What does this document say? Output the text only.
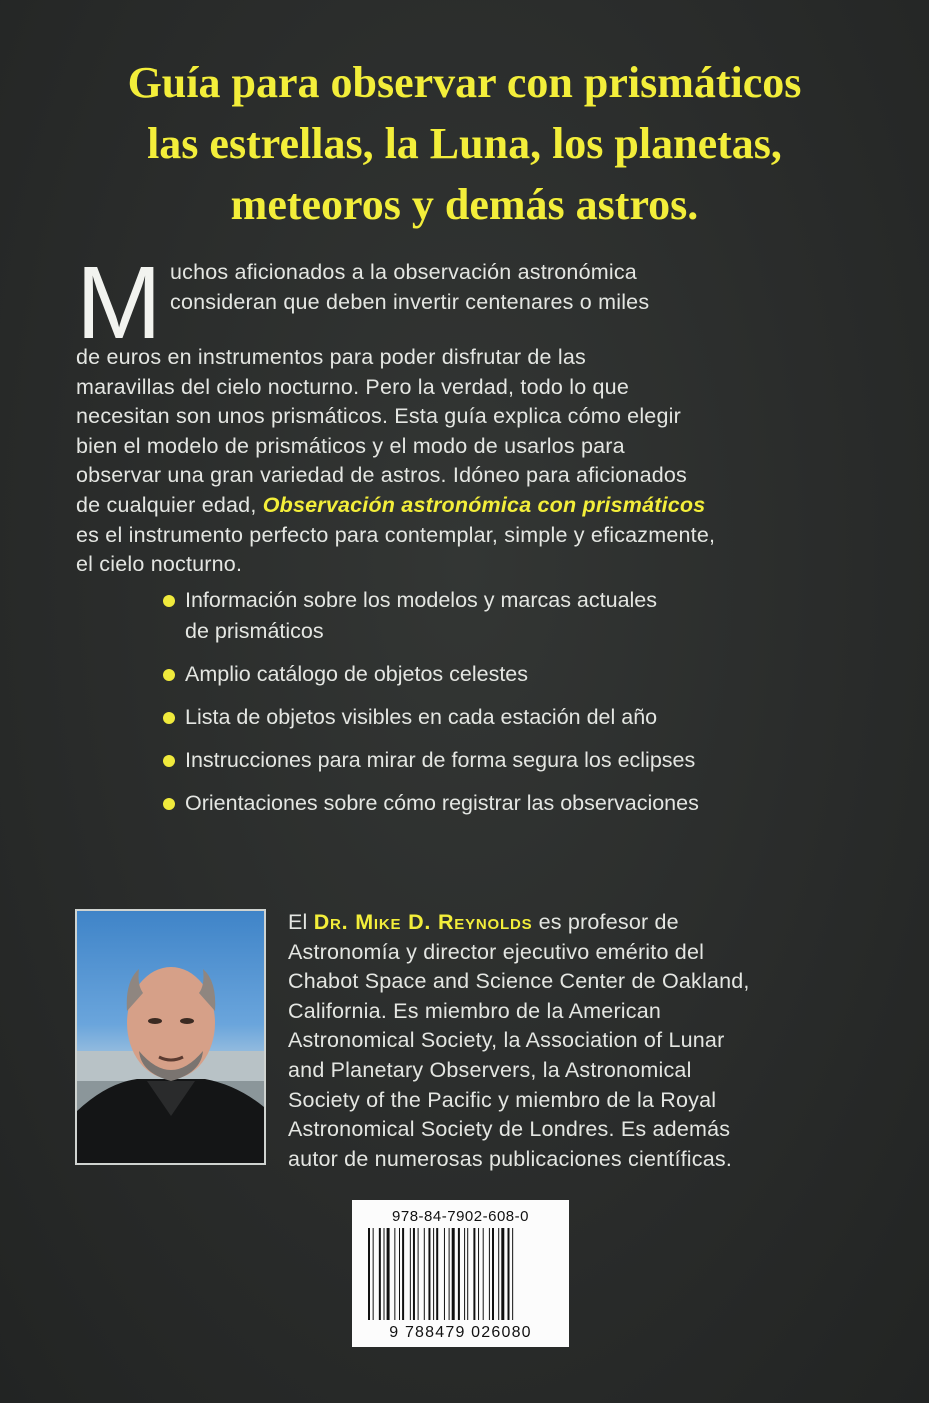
Guía para observar con prismáticos
las estrellas, la Luna, los planetas,
meteoros y demás astros.
M uchos aficionados a la observación astronómica
consideran que deben invertir centenares o miles
de euros en instrumentos para poder disfrutar de las
maravillas del cielo nocturno. Pero la verdad, todo lo que
necesitan son unos prismáticos. Esta guía explica cómo elegir
bien el modelo de prismáticos y el modo de usarlos para
observar una gran variedad de astros. Idóneo para aficionados
de cualquier edad, Observación astronómica con prismáticos
es el instrumento perfecto para contemplar, simple y eficazmente,
el cielo nocturno.
Información sobre los modelos y marcas actuales
de prismáticos
Amplio catálogo de objetos celestes
Lista de objetos visibles en cada estación del año
Instrucciones para mirar de forma segura los eclipses
Orientaciones sobre cómo registrar las observaciones
El Dr. Mike D. Reynolds es profesor de
Astronomía y director ejecutivo emérito del
Chabot Space and Science Center de Oakland,
California. Es miembro de la American
Astronomical Society, la Association of Lunar
and Planetary Observers, la Astronomical
Society of the Pacific y miembro de la Royal
Astronomical Society de Londres. Es además
autor de numerosas publicaciones científicas.
978-84-7902-608-0
9 788479 026080
